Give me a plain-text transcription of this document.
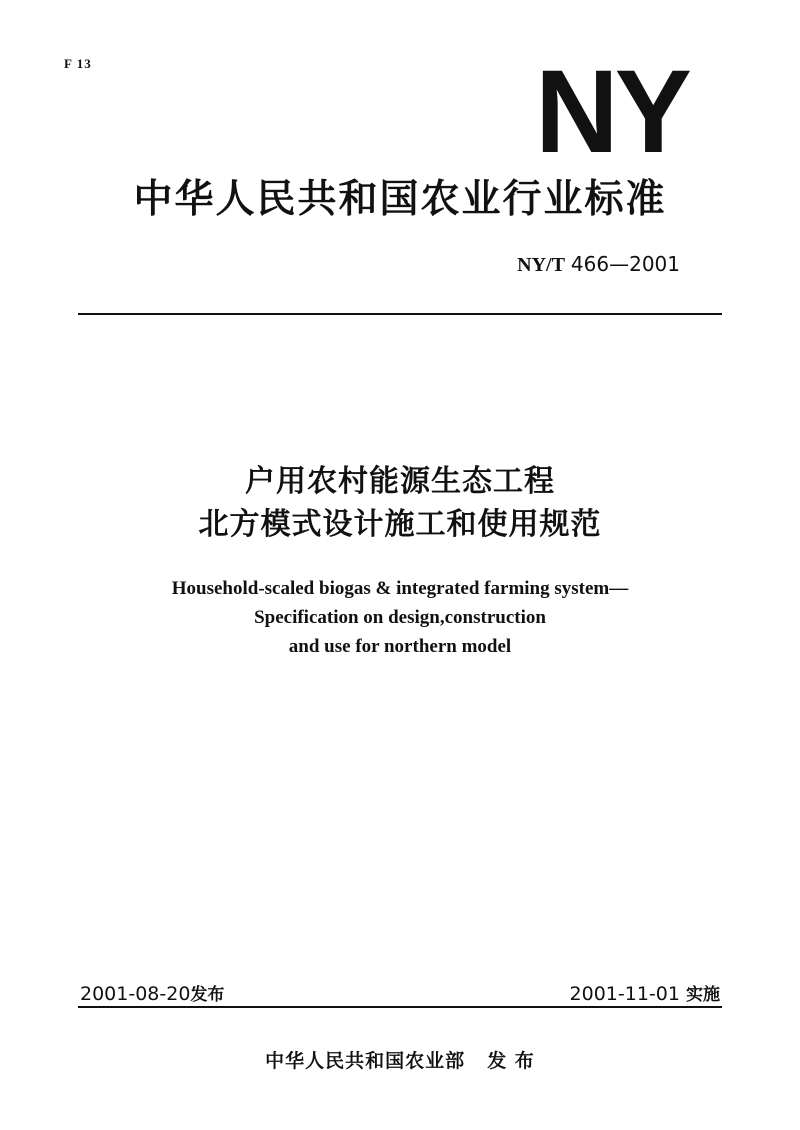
F 13	NY
中华人民共和国农业行业标准
NY/T 466—2001
户用农村能源生态工程
北方模式设计施工和使用规范
Household-scaled biogas & integrated farming system—
Specification on design,construction
and use for northern model
2001-08-20发布	2001-11-01 实施
中华人民共和国农业部 发 布
